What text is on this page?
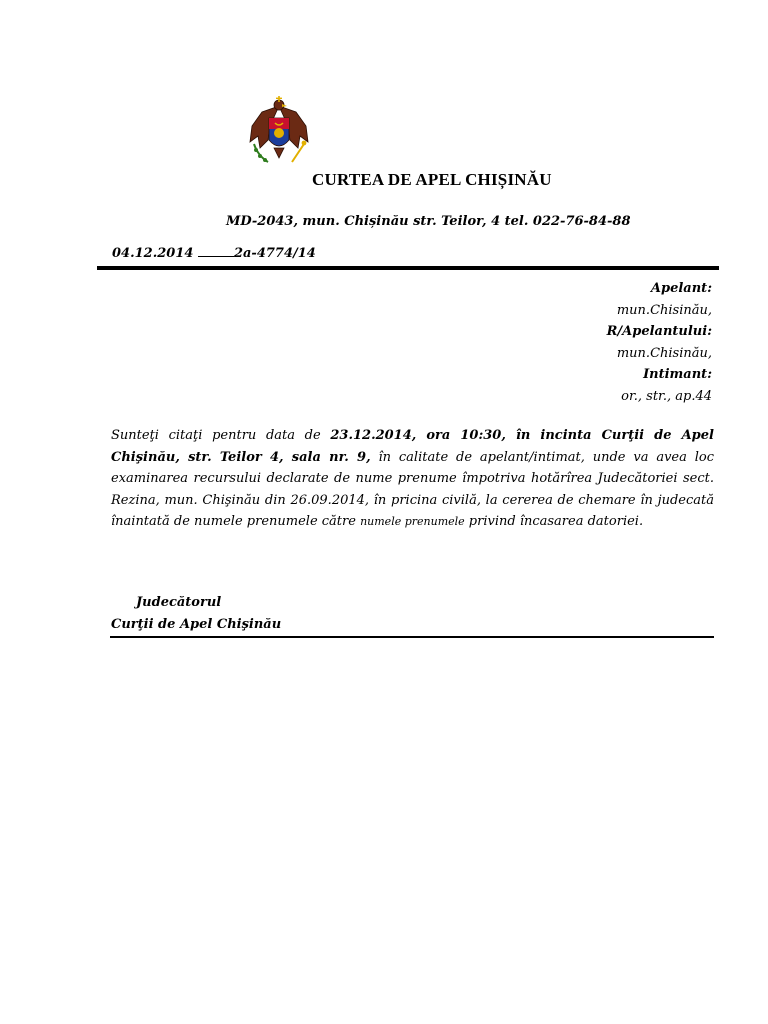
CURTEA DE APEL CHIȘINĂU
MD-2043, mun. Chișinău str. Teilor, 4 tel. 022-76-84-88
04.12.2014	2a-4774/14
Apelant:
mun.Chisinău,
R/Apelantului:
mun.Chisinău,
Intimant:
or., str., ap.44
Sunteţi citaţi pentru data de 23.12.2014, ora 10:30, în incinta Curţii de Apel Chişinău, str. Teilor 4, sala nr. 9, în calitate de apelant/intimat, unde va avea loc examinarea recursului declarate de nume prenume împotriva hotărîrea Judecătoriei sect. Rezina, mun. Chişinău din 26.09.2014, în pricina civilă, la cererea de chemare în judecată înaintată de numele prenumele către numele prenumele privind încasarea datoriei.
Judecătorul
Curţii de Apel Chişinău
